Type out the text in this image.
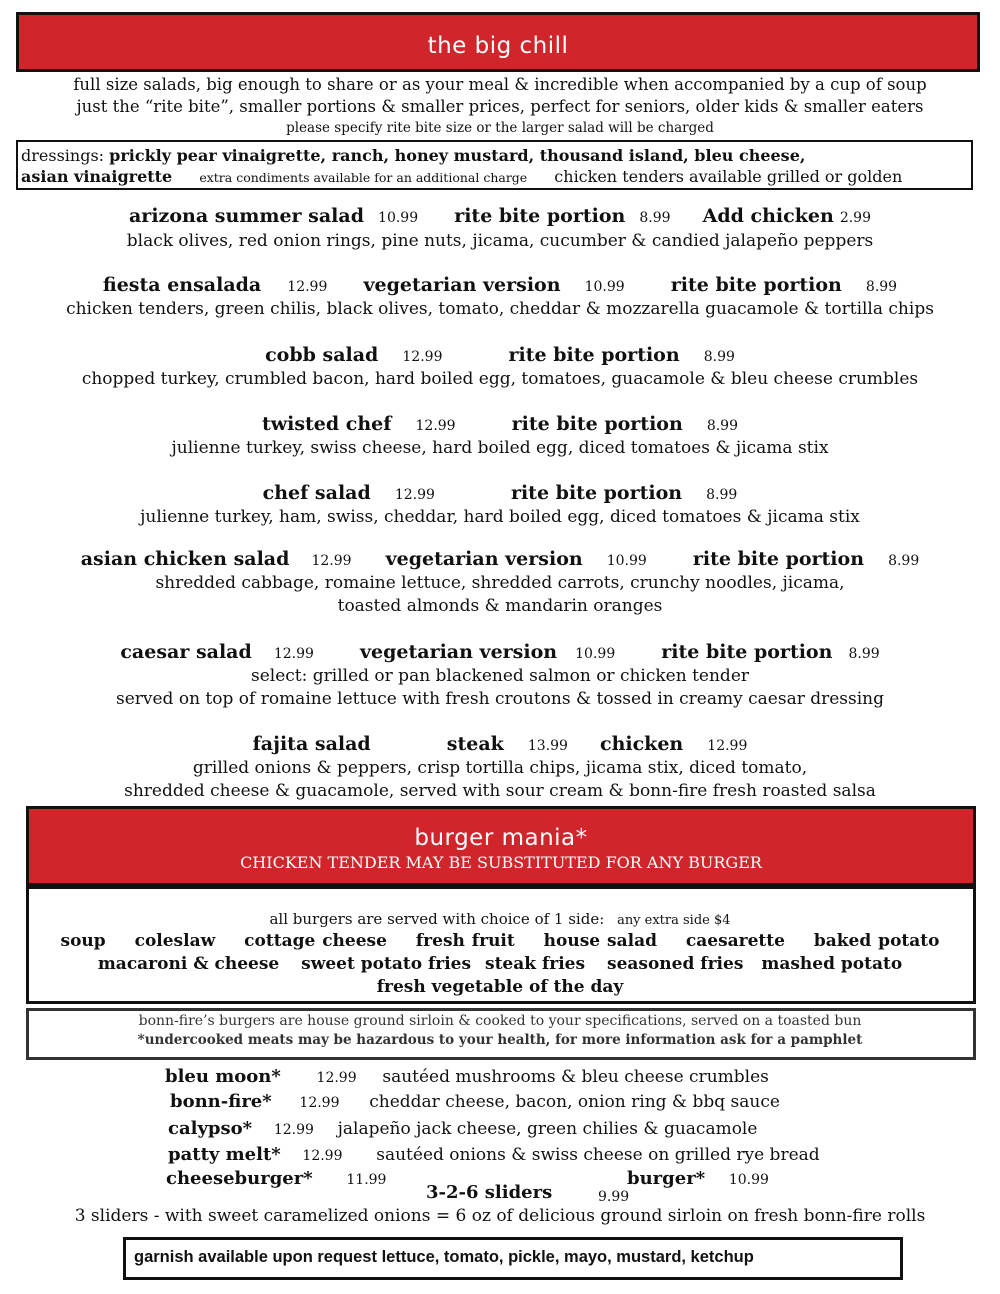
the big chill
full size salads, big enough to share or as your meal & incredible when accompanied by a cup of soup
just the “rite bite”, smaller portions & smaller prices, perfect for seniors, older kids & smaller eaters
please specify rite bite size or the larger salad will be charged
dressings: prickly pear vinaigrette, ranch, honey mustard, thousand island, bleu cheese,
asian vinaigrette extra condiments available for an additional charge chicken tenders available grilled or golden
arizona summer salad 10.99 rite bite portion 8.99 Add chicken 2.99
black olives, red onion rings, pine nuts, jicama, cucumber & candied jalapeño peppers
fiesta ensalada 12.99 vegetarian version 10.99 rite bite portion 8.99
chicken tenders, green chilis, black olives, tomato, cheddar & mozzarella guacamole & tortilla chips
cobb salad 12.99	rite bite portion 8.99
chopped turkey, crumbled bacon, hard boiled egg, tomatoes, guacamole & bleu cheese crumbles
twisted chef 12.99	rite bite portion 8.99
julienne turkey, swiss cheese, hard boiled egg, diced tomatoes & jicama stix
chef salad 12.99	rite bite portion 8.99
julienne turkey, ham, swiss, cheddar, hard boiled egg, diced tomatoes & jicama stix
asian chicken salad 12.99 vegetarian version 10.99 rite bite portion 8.99
shredded cabbage, romaine lettuce, shredded carrots, crunchy noodles, jicama,
toasted almonds & mandarin oranges
caesar salad 12.99 vegetarian version 10.99 rite bite portion 8.99
select: grilled or pan blackened salmon or chicken tender
served on top of romaine lettuce with fresh croutons & tossed in creamy caesar dressing
fajita salad	steak 13.99 chicken 12.99
grilled onions & peppers, crisp tortilla chips, jicama stix, diced tomato,
shredded cheese & guacamole, served with sour cream & bonn-fire fresh roasted salsa
burger mania*
CHICKEN TENDER MAY BE SUBSTITUTED FOR ANY BURGER
all burgers are served with choice of 1 side: any extra side $4
soup coleslaw cottage cheese fresh fruit house salad caesarette baked potato
macaroni & cheese sweet potato fries steak fries seasoned fries mashed potato
fresh vegetable of the day
bonn-fire’s burgers are house ground sirloin & cooked to your specifications, served on a toasted bun
*undercooked meats may be hazardous to your health, for more information ask for a pamphlet
bleu moon*	12.99 sautéed mushrooms & bleu cheese crumbles
bonn-fire* 12.99 cheddar cheese, bacon, onion ring & bbq sauce
calypso* 12.99 jalapeño jack cheese, green chilies & guacamole
patty melt* 12.99 sautéed onions & swiss cheese on grilled rye bread
cheeseburger* 11.99	burger* 10.99
3-2-6 sliders	9.99
3 sliders - with sweet caramelized onions = 6 oz of delicious ground sirloin on fresh bonn-fire rolls
garnish available upon request lettuce, tomato, pickle, mayo, mustard, ketchup
